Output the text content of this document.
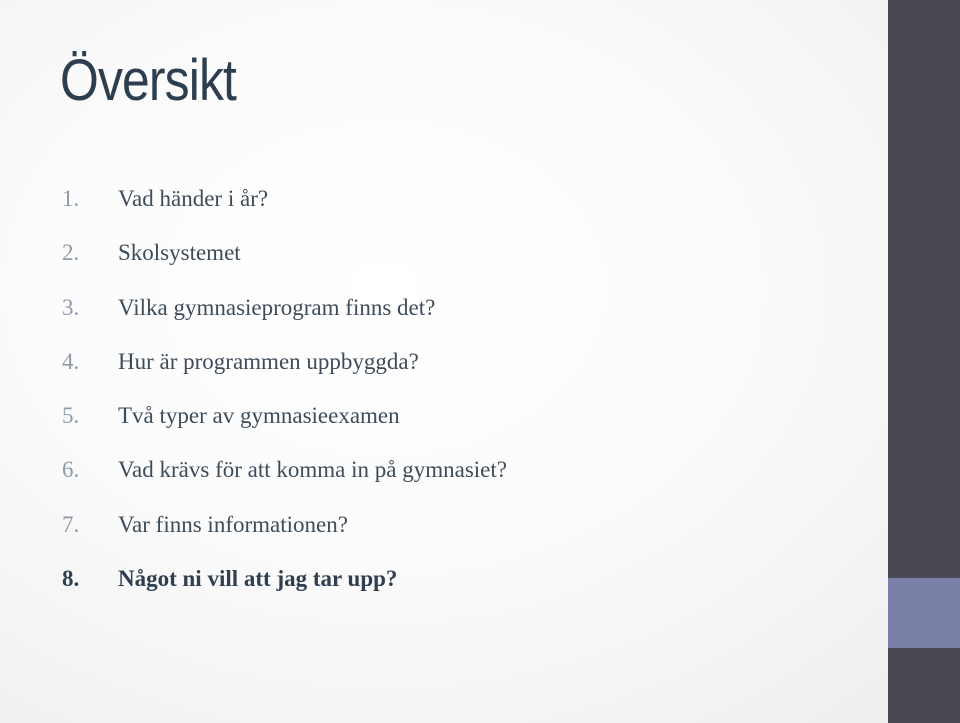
Översikt
1. Vad händer i år?
2. Skolsystemet
3. Vilka gymnasieprogram finns det?
4. Hur är programmen uppbyggda?
5. Två typer av gymnasieexamen
6. Vad krävs för att komma in på gymnasiet?
7. Var finns informationen?
8. Något ni vill att jag tar upp?
